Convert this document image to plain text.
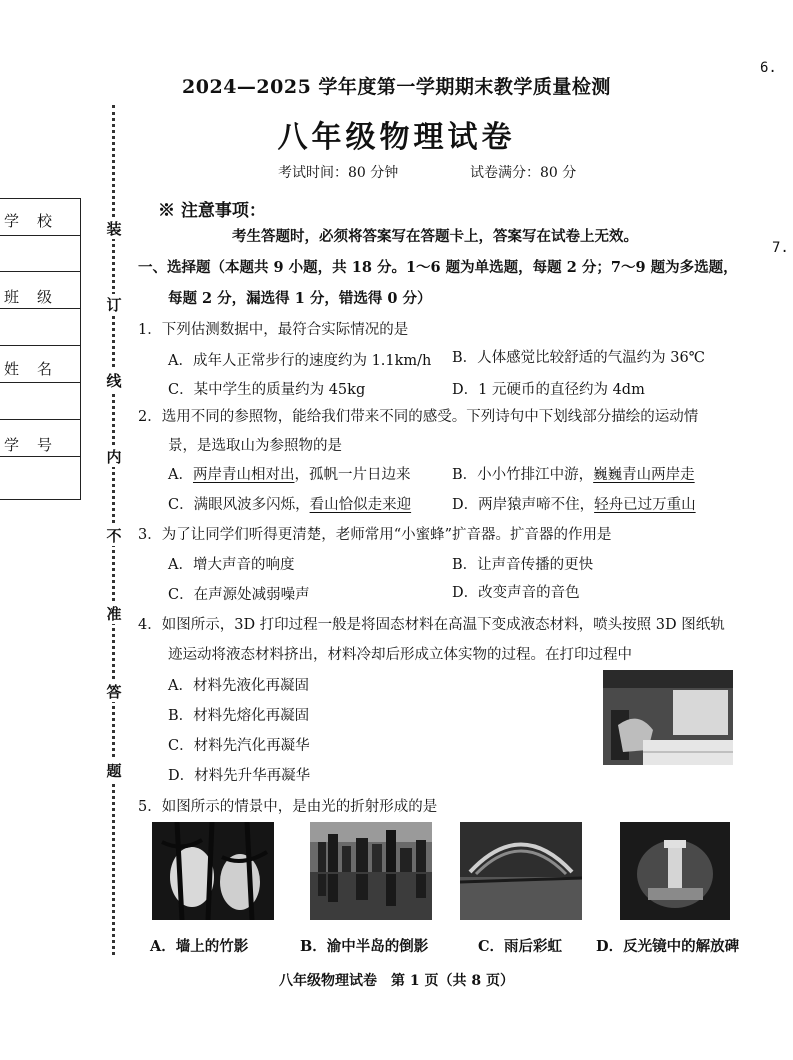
6.
7.
2024—2025 学年度第一学期期末教学质量检测
八年级物理试卷
考试时间：80 分钟	试卷满分：80 分
学校
班级
姓名
学号
装
订
线
内
不
准
答
题
※ 注意事项：
考生答题时，必须将答案写在答题卡上，答案写在试卷上无效。
一、选择题（本题共 9 小题，共 18 分。1～6 题为单选题，每题 2 分；7～9 题为多选题，
每题 2 分，漏选得 1 分，错选得 0 分）
1．下列估测数据中，最符合实际情况的是
A．成年人正常步行的速度约为 1.1km/h B．人体感觉比较舒适的气温约为 36℃
C．某中学生的质量约为 45kg	D．1 元硬币的直径约为 4dm
2．选用不同的参照物，能给我们带来不同的感受。下列诗句中下划线部分描绘的运动情
景，是选取山为参照物的是
A．两岸青山相对出，孤帆一片日边来	B．小小竹排江中游，巍巍青山两岸走
C．满眼风波多闪烁，看山恰似走来迎	D．两岸猿声啼不住，轻舟已过万重山
3．为了让同学们听得更清楚，老师常用“小蜜蜂”扩音器。扩音器的作用是
A．增大声音的响度	B．让声音传播的更快
C．在声源处减弱噪声	D．改变声音的音色
4．如图所示，3D 打印过程一般是将固态材料在高温下变成液态材料，喷头按照 3D 图纸轨
迹运动将液态材料挤出，材料冷却后形成立体实物的过程。在打印过程中
A．材料先液化再凝固
B．材料先熔化再凝固
C．材料先汽化再凝华
D．材料先升华再凝华
5．如图所示的情景中，是由光的折射形成的是
A．墙上的竹影	B．渝中半岛的倒影	C．雨后彩虹 D．反光镜中的解放碑
八年级物理试卷　第 1 页（共 8 页）
